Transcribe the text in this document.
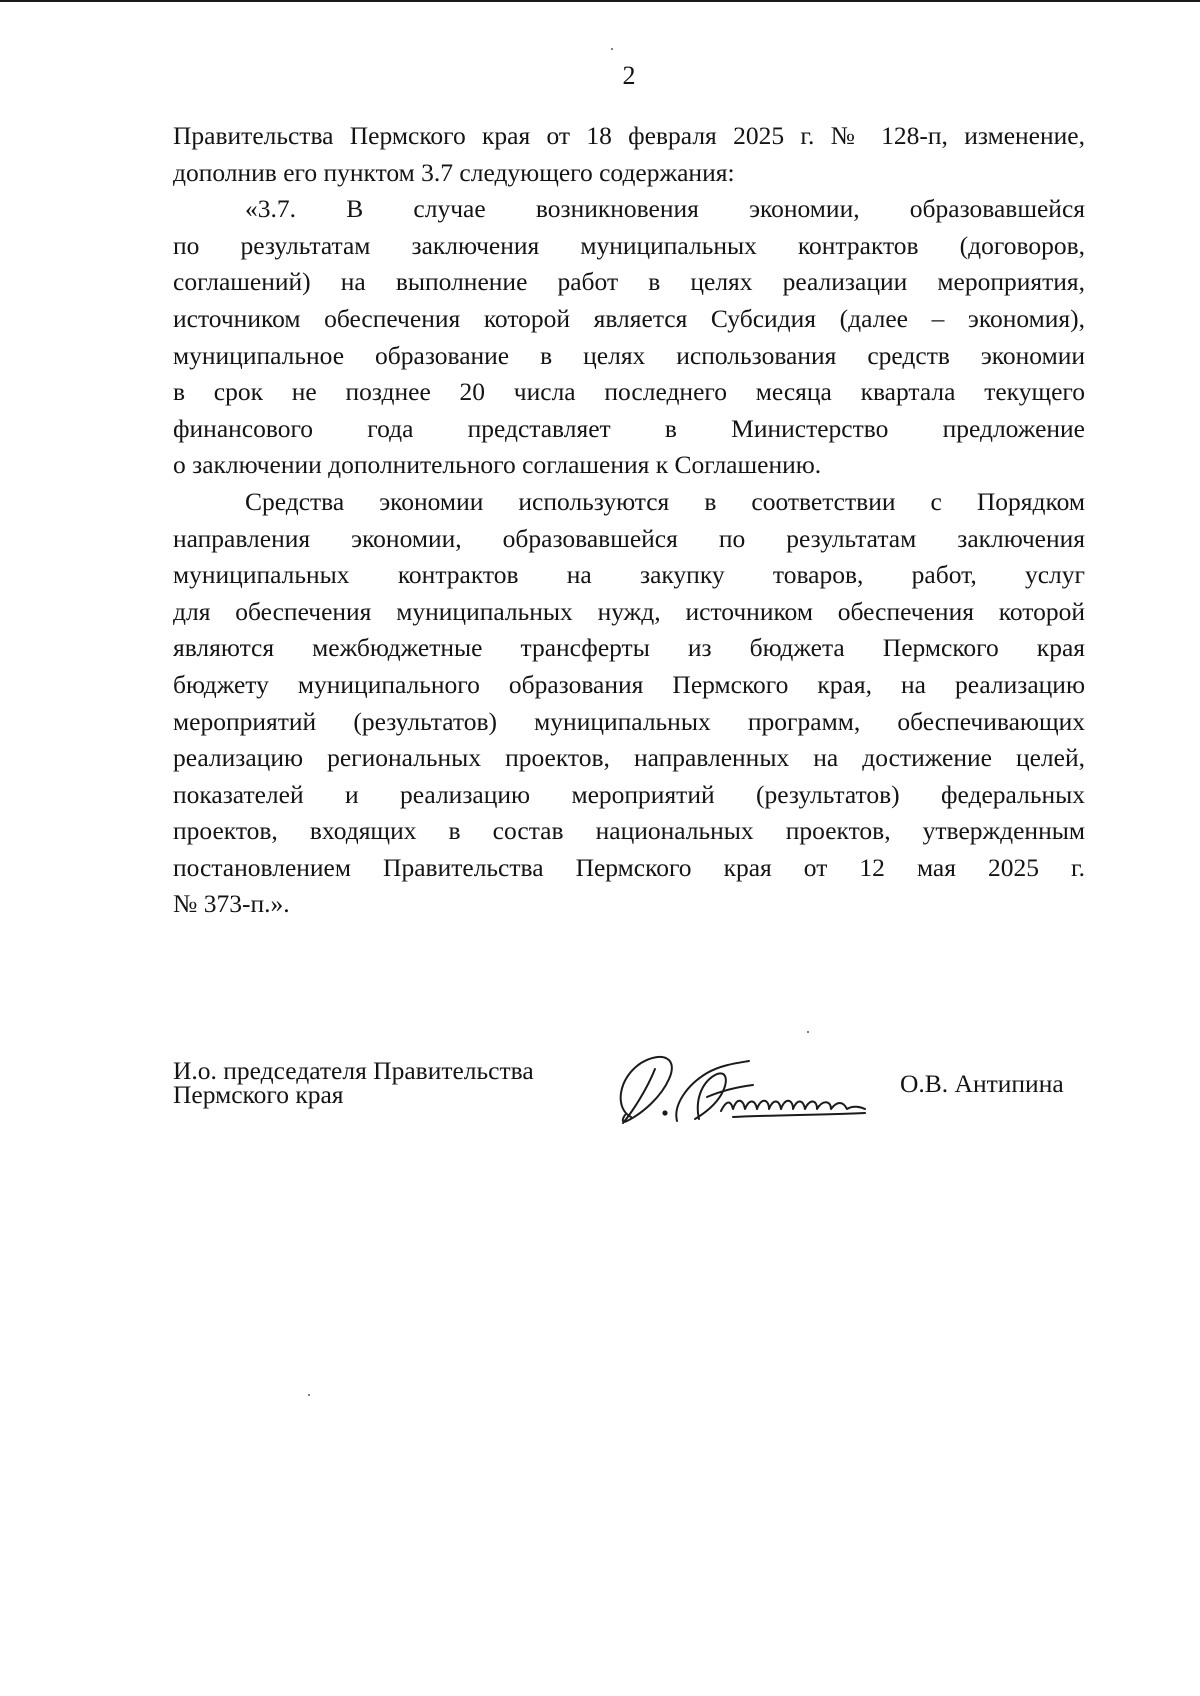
2
Правительства Пермского края от 18 февраля 2025 г. № 128-п, изменение,
дополнив его пунктом 3.7 следующего содержания:
«3.7. В случае возникновения экономии, образовавшейся
по результатам заключения муниципальных контрактов (договоров,
соглашений) на выполнение работ в целях реализации мероприятия,
источником обеспечения которой является Субсидия (далее – экономия),
муниципальное образование в целях использования средств экономии
в срок не позднее 20 числа последнего месяца квартала текущего
финансового года представляет в Министерство предложение
о заключении дополнительного соглашения к Соглашению.
Средства экономии используются в соответствии с Порядком
направления экономии, образовавшейся по результатам заключения
муниципальных контрактов на закупку товаров, работ, услуг
для обеспечения муниципальных нужд, источником обеспечения которой
являются межбюджетные трансферты из бюджета Пермского края
бюджету муниципального образования Пермского края, на реализацию
мероприятий (результатов) муниципальных программ, обеспечивающих
реализацию региональных проектов, направленных на достижение целей,
показателей и реализацию мероприятий (результатов) федеральных
проектов, входящих в состав национальных проектов, утвержденным
постановлением Правительства Пермского края от 12 мая 2025 г.
№ 373-п.».
И.о. председателя Правительства
Пермского края	О.В. Антипина
